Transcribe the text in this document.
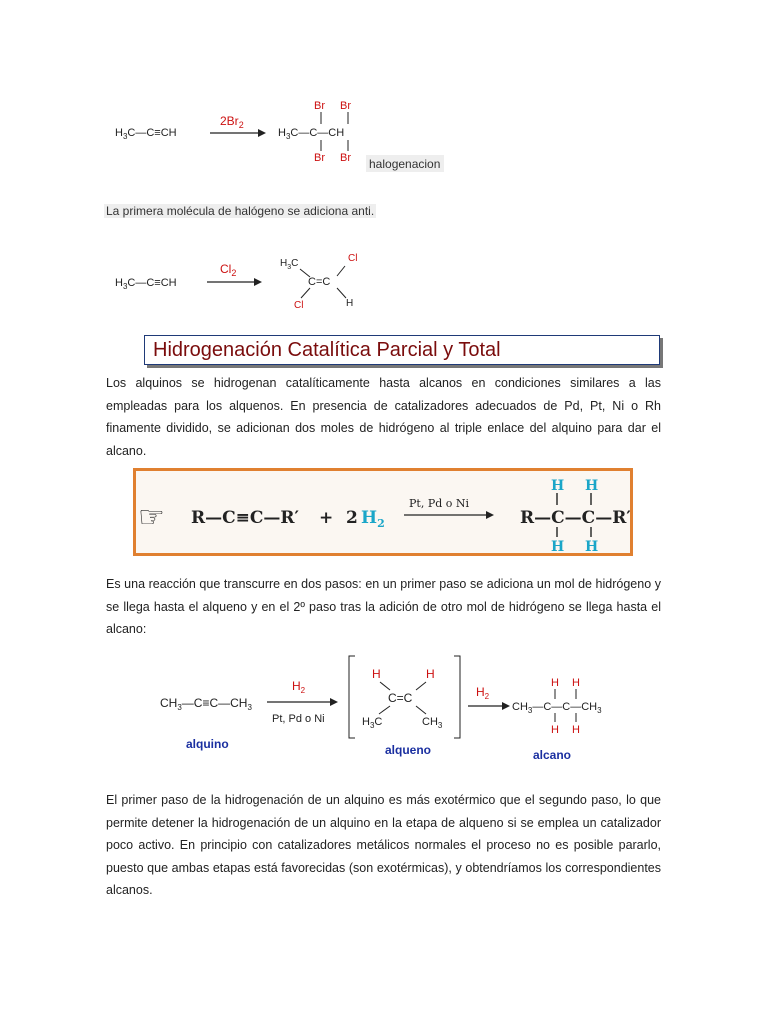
$H_3C—C\equiv CH$
$2Br_2$
Br Br
$H_3C—C—CH$
Br Br halogenacion
La primera molécula de halógeno se adiciona anti.
$H_3C—C\equiv CH$
$Cl_2$
$H_3C$	Cl
C=C
Cl	H
Hidrogenación Catalítica Parcial y Total
Los alquinos se hidrogenan catalíticamente hasta alcanos en condiciones similares a las empleadas para los alquenos. En presencia de catalizadores adecuados de Pd, Pt, Ni o Rh finamente dividido, se adicionan dos moles de hidrógeno al triple enlace del alquino para dar el alcano.
☞ R—C≡C—R′ + 2 $H_2$
Pt, Pd o Ni
R—C—C—R′
H H
H H
Es una reacción que transcurre en dos pasos: en un primer paso se adiciona un mol de hidrógeno y se llega hasta el alqueno y en el 2º paso tras la adición de otro mol de hidrógeno se llega hasta el alcano:
$CH_3—C\equiv C—CH_3$
$H_2$
Pt, Pd o Ni
H	H
C=C
$H_3C$	$CH_3$
$H_2$
$CH_3—C—C—CH_3$
H H
H H
alquino	alqueno	alcano
El primer paso de la hidrogenación de un alquino es más exotérmico que el segundo paso, lo que permite detener la hidrogenación de un alquino en la etapa de alqueno si se emplea un catalizador poco activo. En principio con catalizadores metálicos normales el proceso no es posible pararlo, puesto que ambas etapas está favorecidas (son exotérmicas), y obtendríamos los correspondientes alcanos.
